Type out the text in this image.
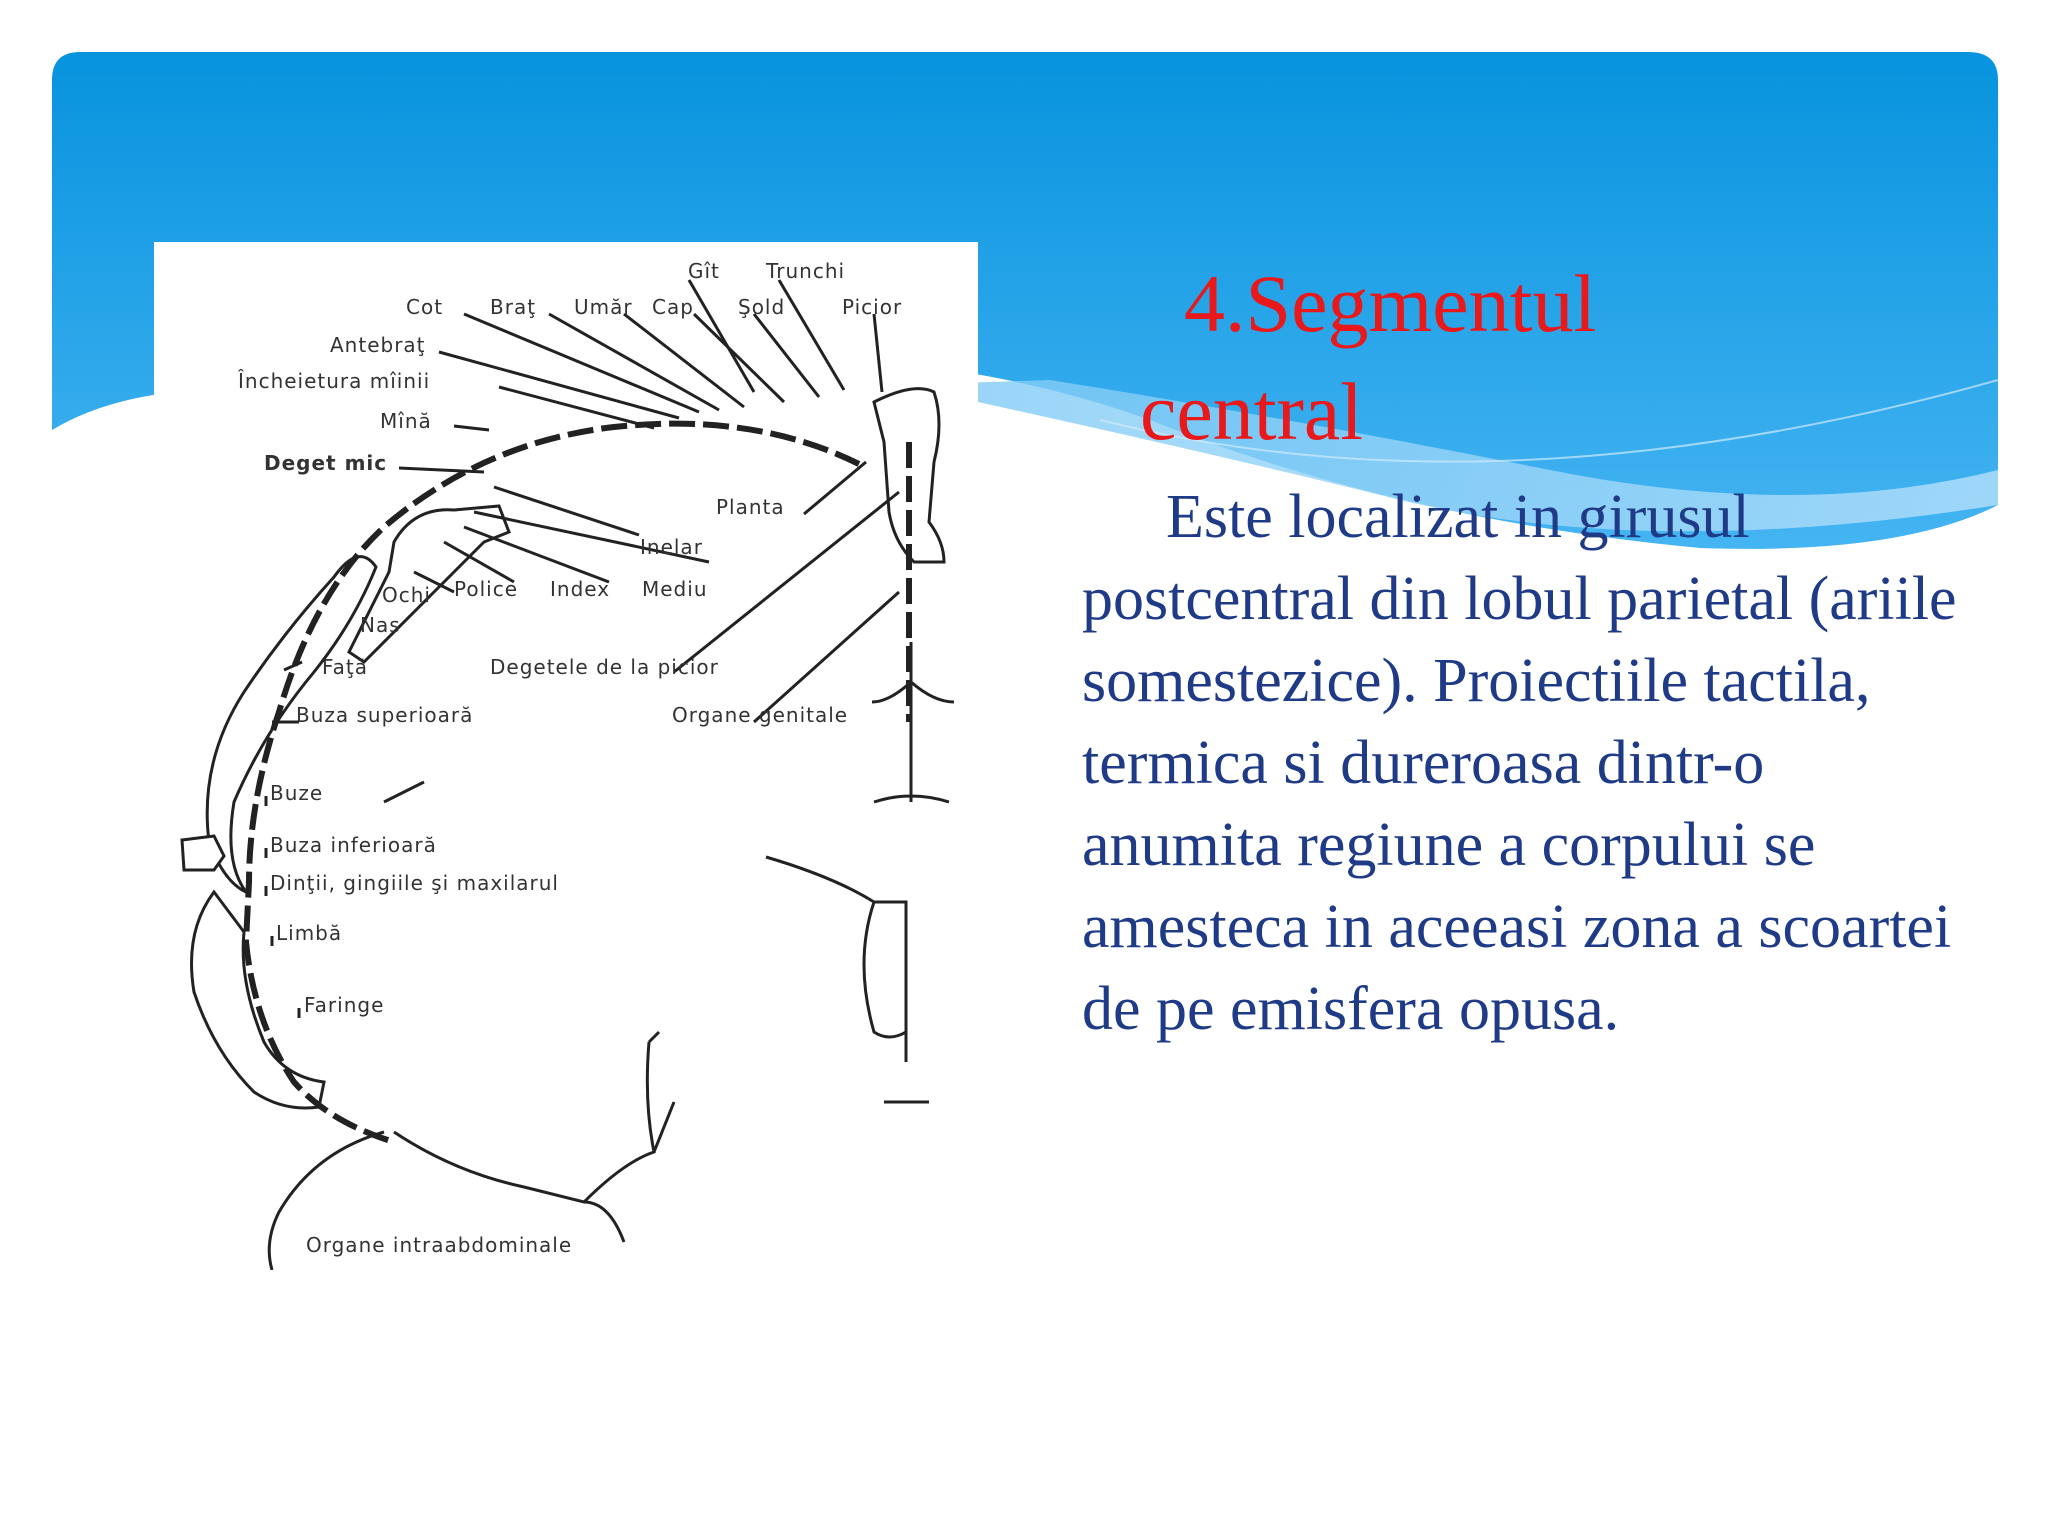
Gît Trunchi
Cot Braţ Umăr Cap Şold	Picior
Antebraţ
Încheietura mîinii
Mînă
Deget mic
Planta
Inelar
Ochi Police Index Mediu
Nas
Faţă	Degetele de la picior
Buza superioară	Organe genitale
Buze
Buza inferioară
Dinţii, gingiile şi maxilarul
Limbă
Faringe
Organe intraabdominale
4.Segmentul
central
Este localizat in girusul postcentral din lobul parietal (ariile somestezice). Proiectiile tactila, termica si dureroasa dintr-o anumita regiune a corpului se amesteca in aceeasi zona a scoartei de pe emisfera opusa.
